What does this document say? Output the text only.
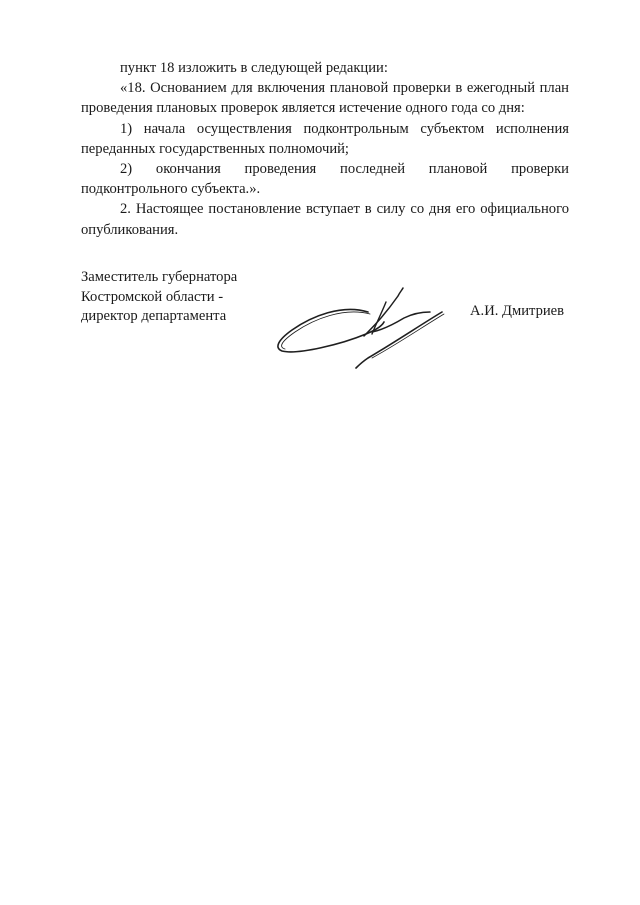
пункт 18 изложить в следующей редакции:

«18. Основанием для включения плановой проверки в ежегодный план проведения плановых проверок является истечение одного года со дня:

1) начала осуществления подконтрольным субъектом исполнения переданных государственных полномочий;

2) окончания проведения последней плановой проверки подконтрольного субъекта.».

2. Настоящее постановление вступает в силу со дня его официального опубликования.

Заместитель губернатора
Костромской области -
директор департамента	А.И. Дмитриев
